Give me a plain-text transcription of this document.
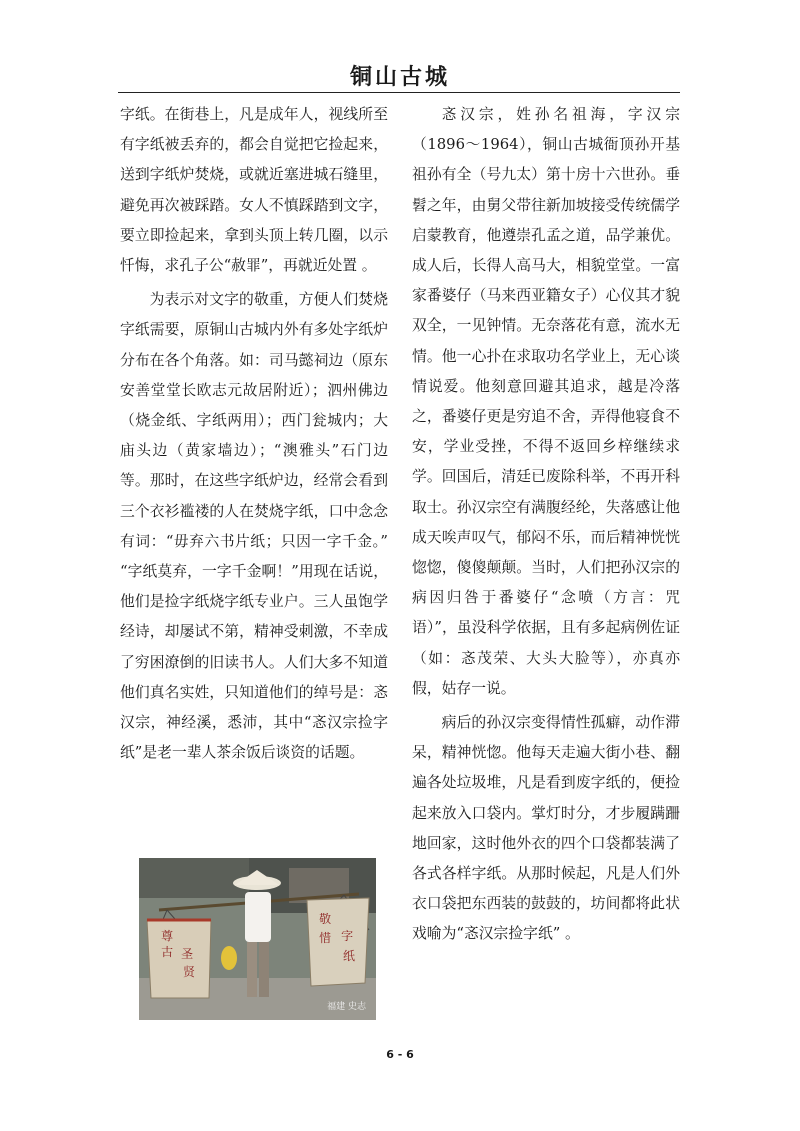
铜山古城

字纸。在街巷上，凡是成年人，视线所至有字纸被丢弃的，都会自觉把它捡起来，送到字纸炉焚烧，或就近塞进城石缝里，避免再次被踩踏。女人不慎踩踏到文字，要立即捡起来，拿到头顶上转几圈，以示忏悔，求孔子公“赦罪”，再就近处置 。

为表示对文字的敬重，方便人们焚烧字纸需要，原铜山古城内外有多处字纸炉分布在各个角落。如：司马懿祠边（原东安善堂堂长欧志元故居附近）；泗州佛边（烧金纸、字纸两用）；西门瓮城内；大庙头边（黄家墙边）；“澳雅头”石门边等。那时，在这些字纸炉边，经常会看到三个衣衫褴褛的人在焚烧字纸，口中念念有词：“毋弃六书片纸；只因一字千金。” “字纸莫弃，一字千金啊！”用现在话说，他们是捡字纸烧字纸专业户。三人虽饱学经诗，却屡试不第，精神受刺激，不幸成了穷困潦倒的旧读书人。人们大多不知道他们真名实姓，只知道他们的绰号是：忞汉宗，神经溪，悉沛，其中“忞汉宗捡字纸”是老一辈人茶余饭后谈资的话题。

尊 古 圣 贤
敬 惜 字 纸
福建 史志

忞汉宗，姓孙名祖海，字汉宗（1896～1964），铜山古城衙顶孙开基祖孙有全（号九太）第十房十六世孙。垂髫之年，由舅父带往新加坡接受传统儒学启蒙教育，他遵崇孔孟之道，品学兼优。成人后，长得人高马大，相貌堂堂。一富家番婆仔（马来西亚籍女子）心仪其才貌双全，一见钟情。无奈落花有意，流水无情。他一心扑在求取功名学业上，无心谈情说爱。他刻意回避其追求，越是冷落之，番婆仔更是穷追不舍，弄得他寝食不安，学业受挫，不得不返回乡梓继续求学。回国后，清廷已废除科举，不再开科取士。孙汉宗空有满腹经纶，失落感让他成天唉声叹气，郁闷不乐，而后精神恍恍惚惚，傻傻颠颠。当时，人们把孙汉宗的病因归咎于番婆仔“念喷（方言：咒语）”，虽没科学依据，且有多起病例佐证（如：忞茂荣、大头大脸等），亦真亦假，姑存一说。

病后的孙汉宗变得情性孤癖，动作滞呆，精神恍惚。他每天走遍大街小巷、翻遍各处垃圾堆，凡是看到废字纸的，便捡起来放入口袋内。掌灯时分，才步履蹒跚地回家，这时他外衣的四个口袋都装满了各式各样字纸。从那时候起，凡是人们外衣口袋把东西装的鼓鼓的，坊间都将此状戏喻为“忞汉宗捡字纸” 。

6 - 6
